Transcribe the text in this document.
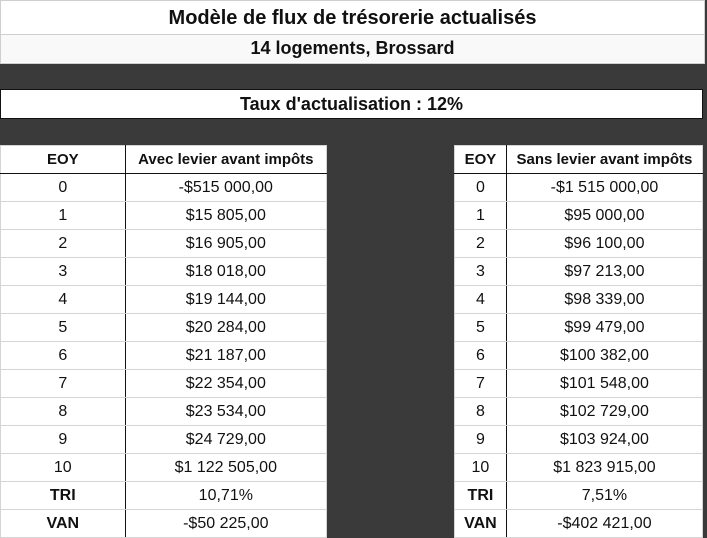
Modèle de flux de trésorerie actualisés
14 logements, Brossard
Taux d'actualisation : 12%
EOY	Avec levier avant impôts
0	-$515 000,00
1	$15 805,00
2	$16 905,00
3	$18 018,00
4	$19 144,00
5	$20 284,00
6	$21 187,00
7	$22 354,00
8	$23 534,00
9	$24 729,00
10	$1 122 505,00
TRI	10,71%
VAN	-$50 225,00
EOY	Sans levier avant impôts
0	-$1 515 000,00
1	$95 000,00
2	$96 100,00
3	$97 213,00
4	$98 339,00
5	$99 479,00
6	$100 382,00
7	$101 548,00
8	$102 729,00
9	$103 924,00
10	$1 823 915,00
TRI	7,51%
VAN	-$402 421,00
